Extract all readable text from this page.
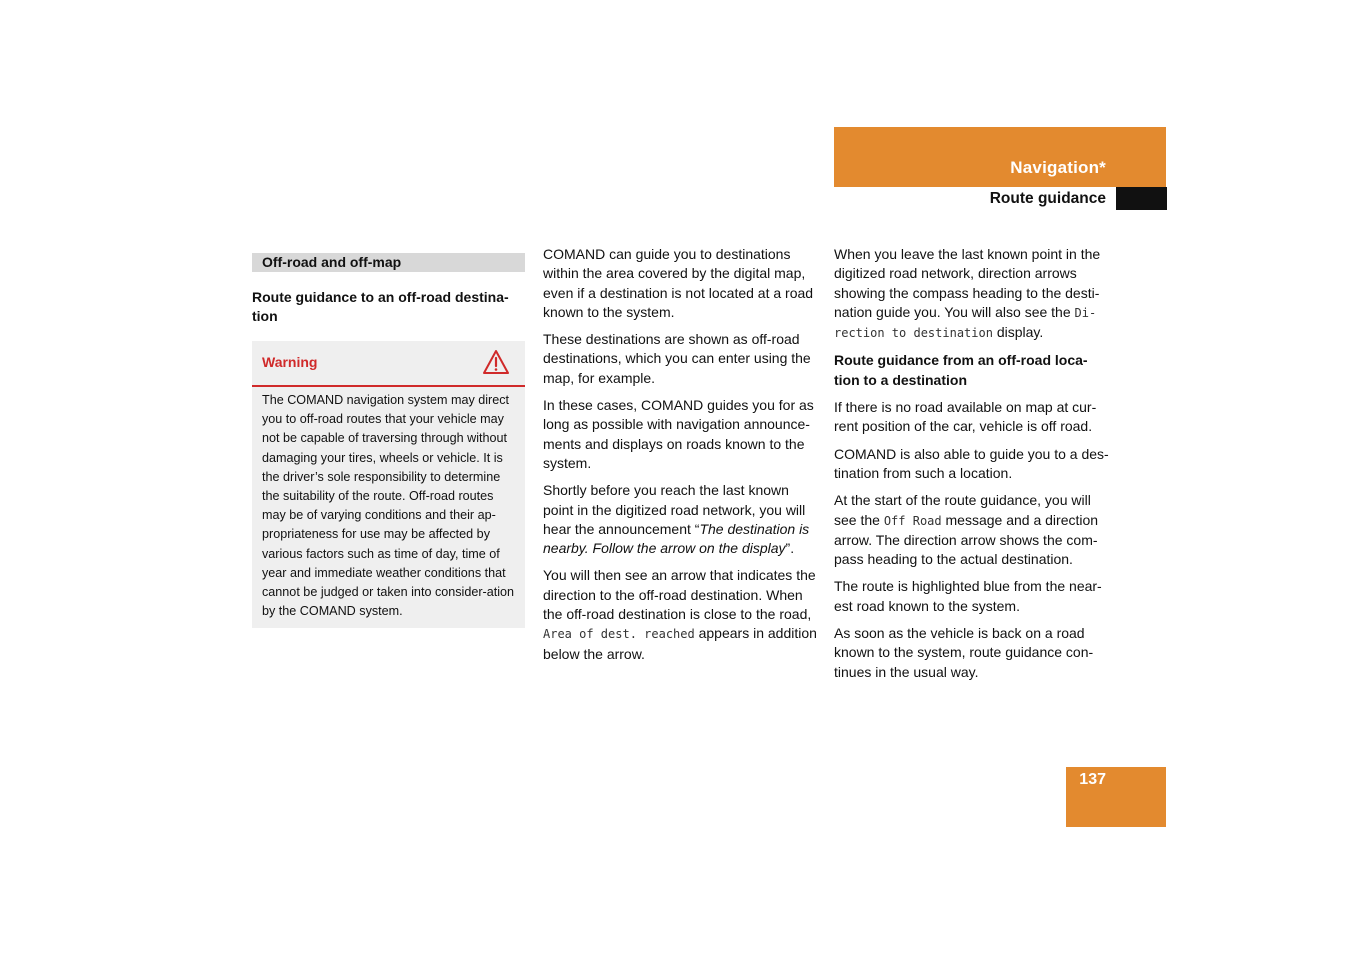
Navigation*
Route guidance
Off-road and off-map
Route guidance to an off-road destina-tion
Warning
The COMAND navigation system may direct you to off-road routes that your vehicle may not be capable of traversing through without damaging your tires, wheels or vehicle. It is the driver’s sole responsibility to determine the suitability of the route. Off-road routes may be of varying conditions and their ap-propriateness for use may be affected by various factors such as time of day, time of year and immediate weather conditions that cannot be judged or taken into consider-ation by the COMAND system.

COMAND can guide you to destinations within the area covered by the digital map, even if a destination is not located at a road known to the system.

These destinations are shown as off-road destinations, which you can enter using the map, for example.

In these cases, COMAND guides you for as long as possible with navigation announce-ments and displays on roads known to the system.

Shortly before you reach the last known point in the digitized road network, you will hear the announcement “The destination is nearby. Follow the arrow on the display”.

You will then see an arrow that indicates the direction to the off-road destination. When the off-road destination is close to the road, Area of dest. reached appears in addition below the arrow.

When you leave the last known point in the digitized road network, direction arrows showing the compass heading to the desti-nation guide you. You will also see the Di-rection to destination display.

Route guidance from an off-road loca-tion to a destination

If there is no road available on map at cur-rent position of the car, vehicle is off road.

COMAND is also able to guide you to a des-tination from such a location.

At the start of the route guidance, you will see the Off Road message and a direction arrow. The direction arrow shows the com-pass heading to the actual destination.

The route is highlighted blue from the near-est road known to the system.

As soon as the vehicle is back on a road known to the system, route guidance con-tinues in the usual way.

137
